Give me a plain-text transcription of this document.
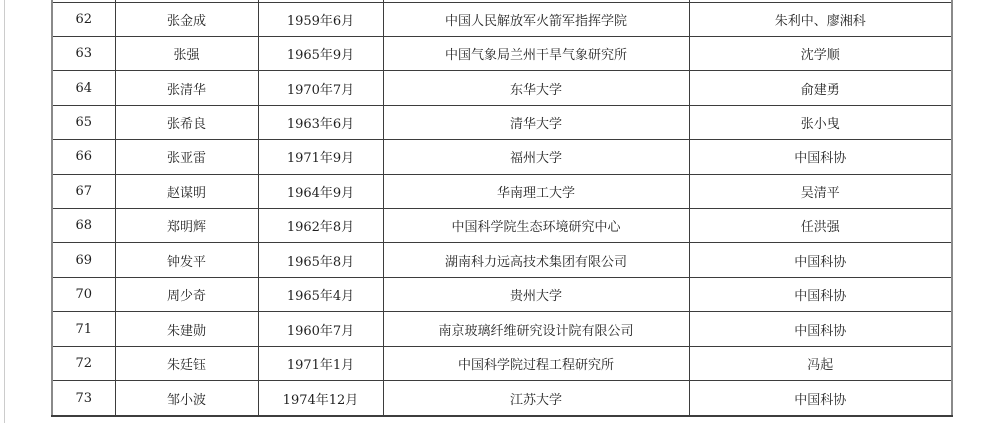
62	张金成	1959年6月	中国人民解放军火箭军指挥学院	朱利中、廖湘科
63	张强	1965年9月	中国气象局兰州干旱气象研究所	沈学顺
64	张清华	1970年7月	东华大学	俞建勇
65	张希良	1963年6月	清华大学	张小曳
66	张亚雷	1971年9月	福州大学	中国科协
67	赵谋明	1964年9月	华南理工大学	吴清平
68	郑明辉	1962年8月	中国科学院生态环境研究中心	任洪强
69	钟发平	1965年8月	湖南科力远高技术集团有限公司	中国科协
70	周少奇	1965年4月	贵州大学	中国科协
71	朱建勋	1960年7月	南京玻璃纤维研究设计院有限公司	中国科协
72	朱廷钰	1971年1月	中国科学院过程工程研究所	冯起
73	邹小波	1974年12月	江苏大学	中国科协
